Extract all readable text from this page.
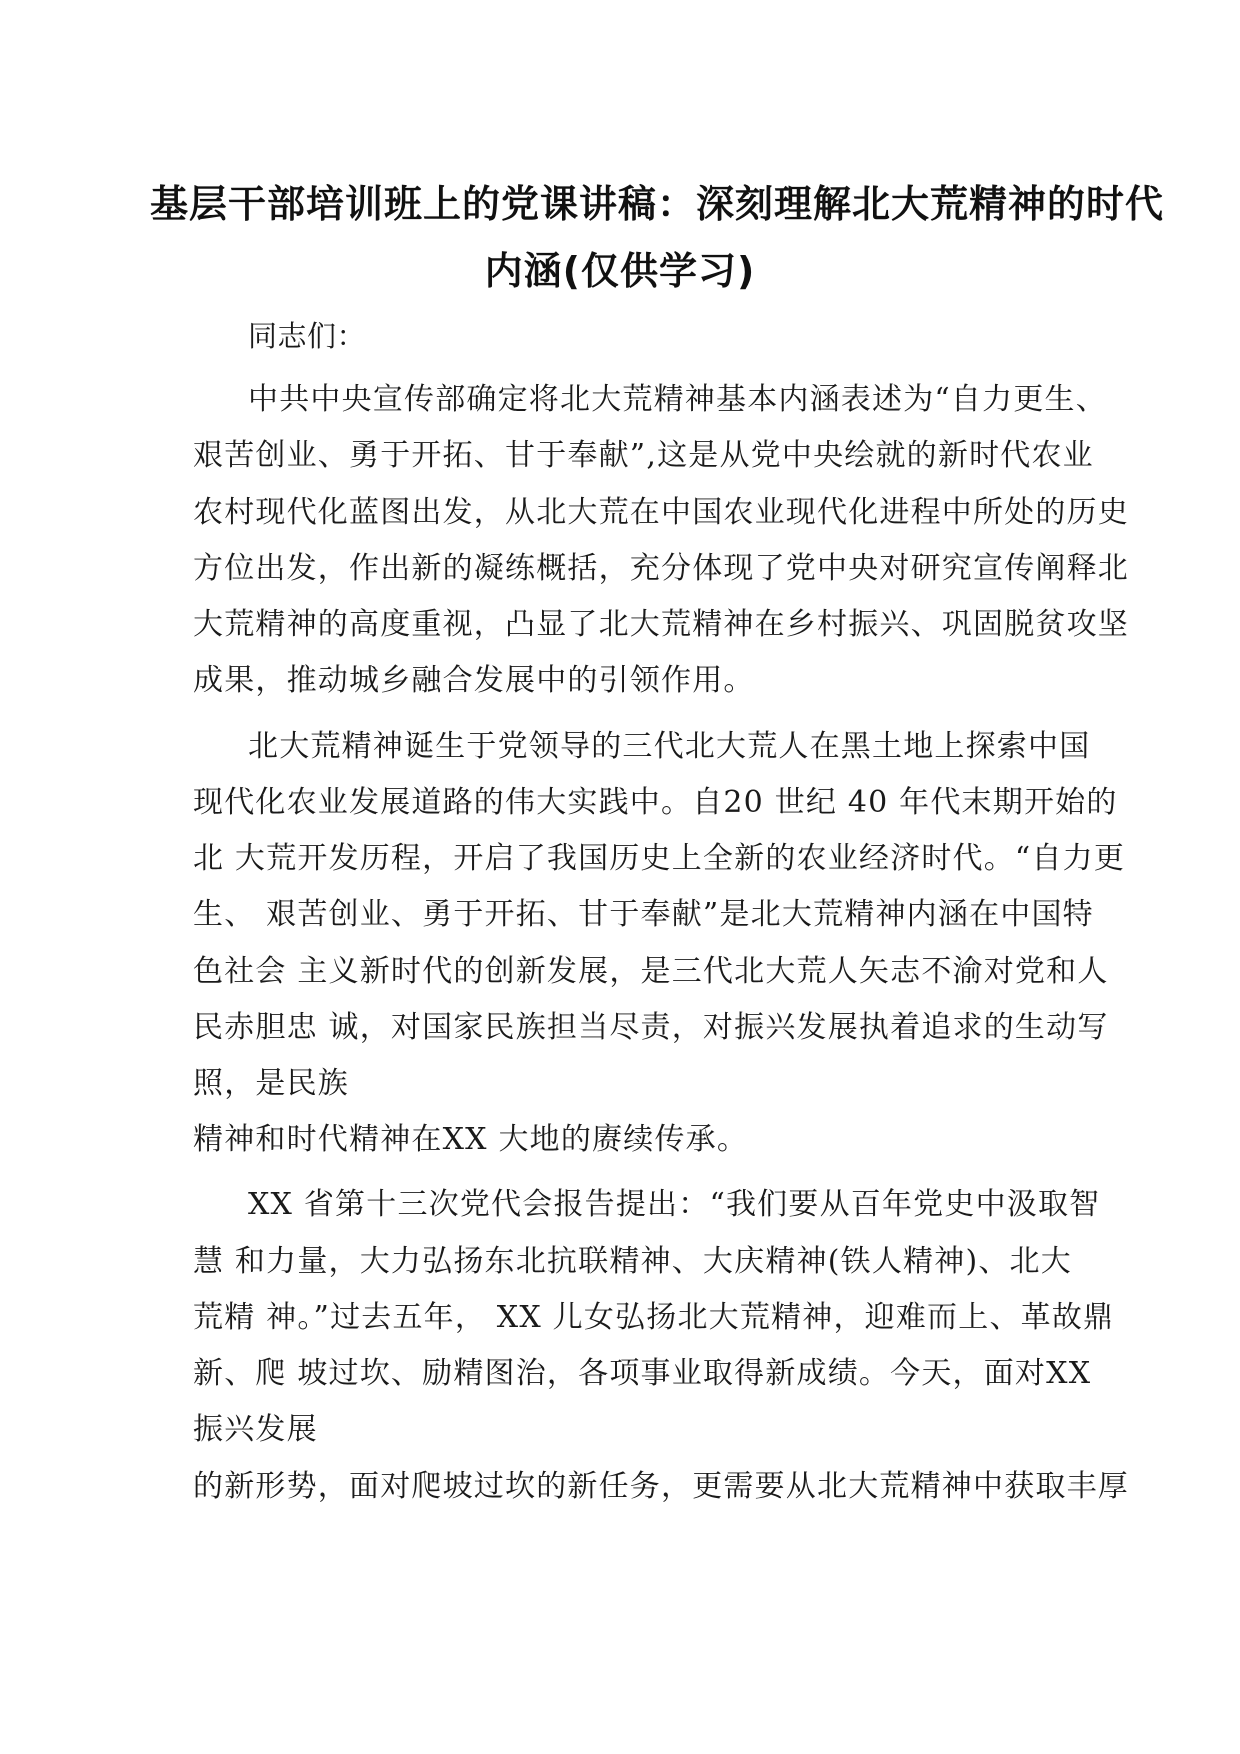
基层干部培训班上的党课讲稿：深刻理解北大荒精神的时代
内涵(仅供学习)
同志们：
中共中央宣传部确定将北大荒精神基本内涵表述为“自力更生、
艰苦创业、勇于开拓、甘于奉献”,这是从党中央绘就的新时代农业
农村现代化蓝图出发，从北大荒在中国农业现代化进程中所处的历史
方位出发，作出新的凝练概括，充分体现了党中央对研究宣传阐释北
大荒精神的高度重视，凸显了北大荒精神在乡村振兴、巩固脱贫攻坚
成果，推动城乡融合发展中的引领作用。
北大荒精神诞生于党领导的三代北大荒人在黑土地上探索中国
现代化农业发展道路的伟大实践中。自20 世纪 40 年代末期开始的
北 大荒开发历程，开启了我国历史上全新的农业经济时代。“自力更
生、 艰苦创业、勇于开拓、甘于奉献”是北大荒精神内涵在中国特
色社会 主义新时代的创新发展，是三代北大荒人矢志不渝对党和人
民赤胆忠 诚，对国家民族担当尽责，对振兴发展执着追求的生动写
照，是民族
精神和时代精神在XX 大地的赓续传承。
XX 省第十三次党代会报告提出：“我们要从百年党史中汲取智
慧 和力量，大力弘扬东北抗联精神、大庆精神(铁人精神)、北大
荒精 神。”过去五年， XX 儿女弘扬北大荒精神，迎难而上、革故鼎
新、爬 坡过坎、励精图治，各项事业取得新成绩。今天，面对XX
振兴发展
的新形势，面对爬坡过坎的新任务，更需要从北大荒精神中获取丰厚
